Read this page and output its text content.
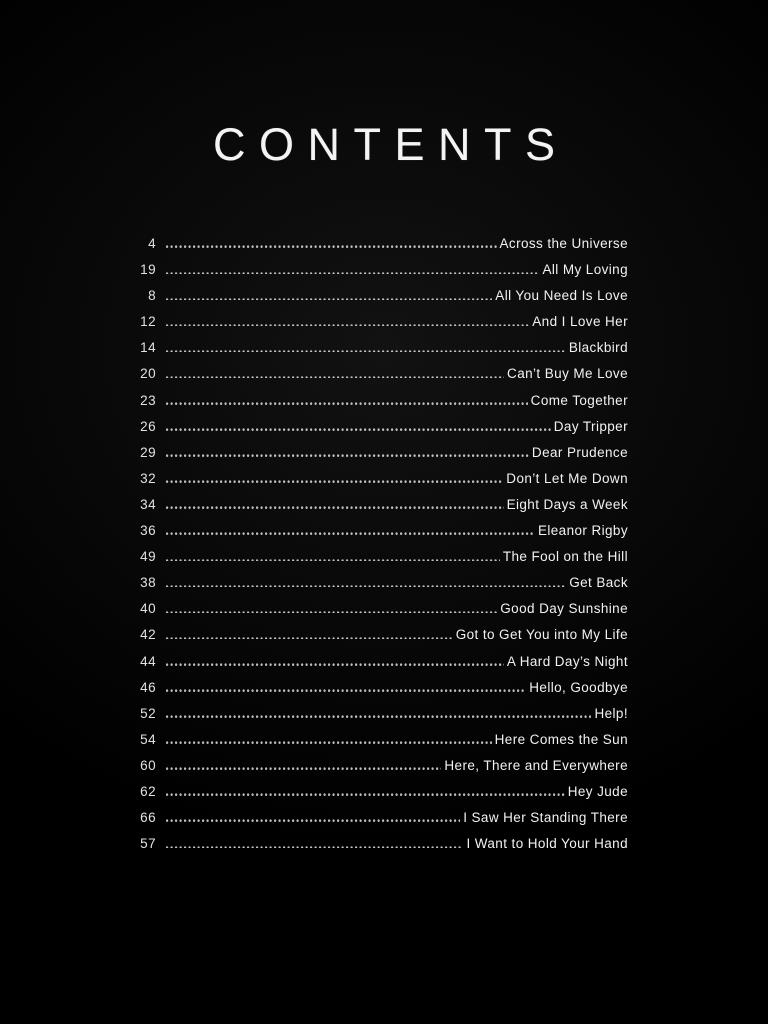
CONTENTS
4	Across the Universe
19	All My Loving
8	All You Need Is Love
12	And I Love Her
14	Blackbird
20	Can’t Buy Me Love
23	Come Together
26	Day Tripper
29	Dear Prudence
32	Don’t Let Me Down
34	Eight Days a Week
36	Eleanor Rigby
49	The Fool on the Hill
38	Get Back
40	Good Day Sunshine
42	Got to Get You into My Life
44	A Hard Day’s Night
46	Hello, Goodbye
52	Help!
54	Here Comes the Sun
60	Here, There and Everywhere
62	Hey Jude
66	I Saw Her Standing There
57	I Want to Hold Your Hand
